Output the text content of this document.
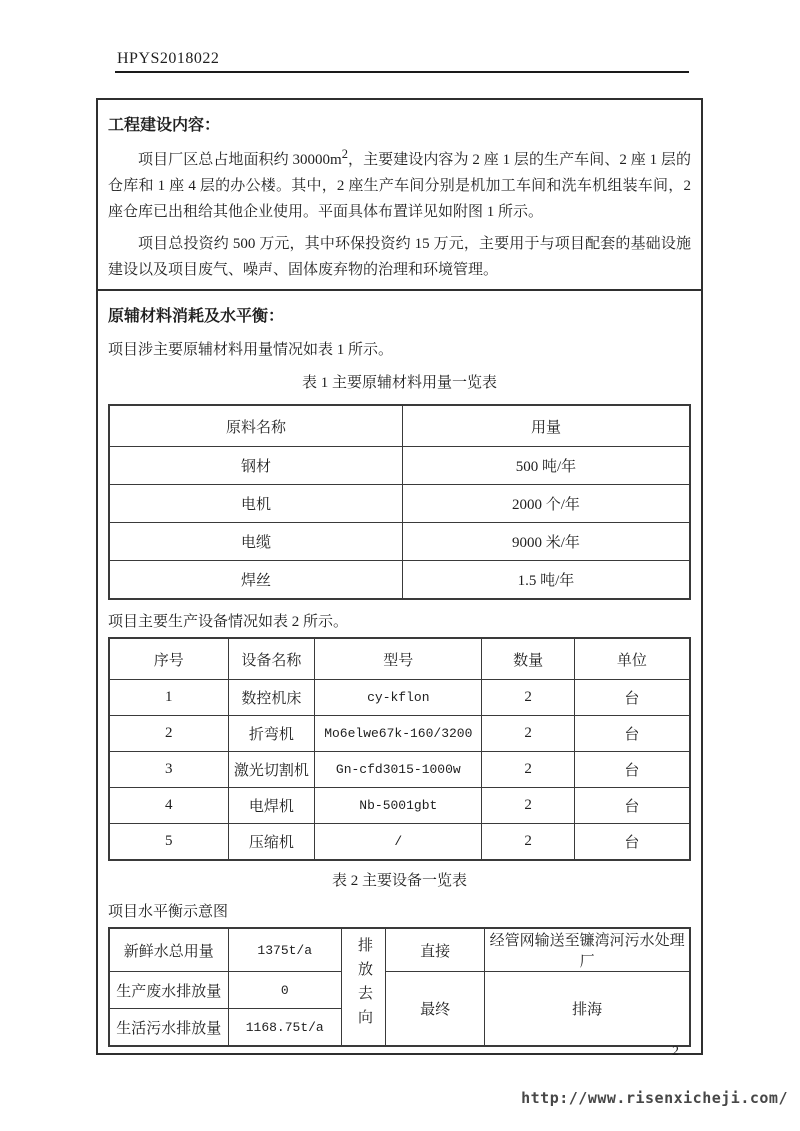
HPYS2018022
工程建设内容：

项目厂区总占地面积约 $30000m^2$，主要建设内容为 2 座 1 层的生产车间、2 座 1 层的仓库和 1 座 4 层的办公楼。其中，2 座生产车间分别是机加工车间和洗车机组装车间，2 座仓库已出租给其他企业使用。平面具体布置详见如附图 1 所示。

项目总投资约 500 万元，其中环保投资约 15 万元，主要用于与项目配套的基础设施建设以及项目废气、噪声、固体废弃物的治理和环境管理。

原辅材料消耗及水平衡：

项目涉主要原辅材料用量情况如表 1 所示。

表 1 主要原辅材料用量一览表
原料名称	用量
钢材	500 吨/年
电机	2000 个/年
电缆	9000 米/年
焊丝	1.5 吨/年

项目主要生产设备情况如表 2 所示。

序号	设备名称	型号	数量	单位
1	数控机床	cy-kflon	2	台
2	折弯机	Mo6elwe67k-160/3200	2	台
3	激光切割机	Gn-cfd3015-1000w	2	台
4	电焊机	Nb-5001gbt	2	台
5	压缩机	/	2	台
表 2 主要设备一览表
项目水平衡示意图
新鲜水总用量	1375t/a	排放去向	直接	经管网输送至镰湾河污水处理厂
生产废水排放量	0		最终	排海
生活污水排放量	1168.75t/a			
2
http://www.risenxicheji.com/
